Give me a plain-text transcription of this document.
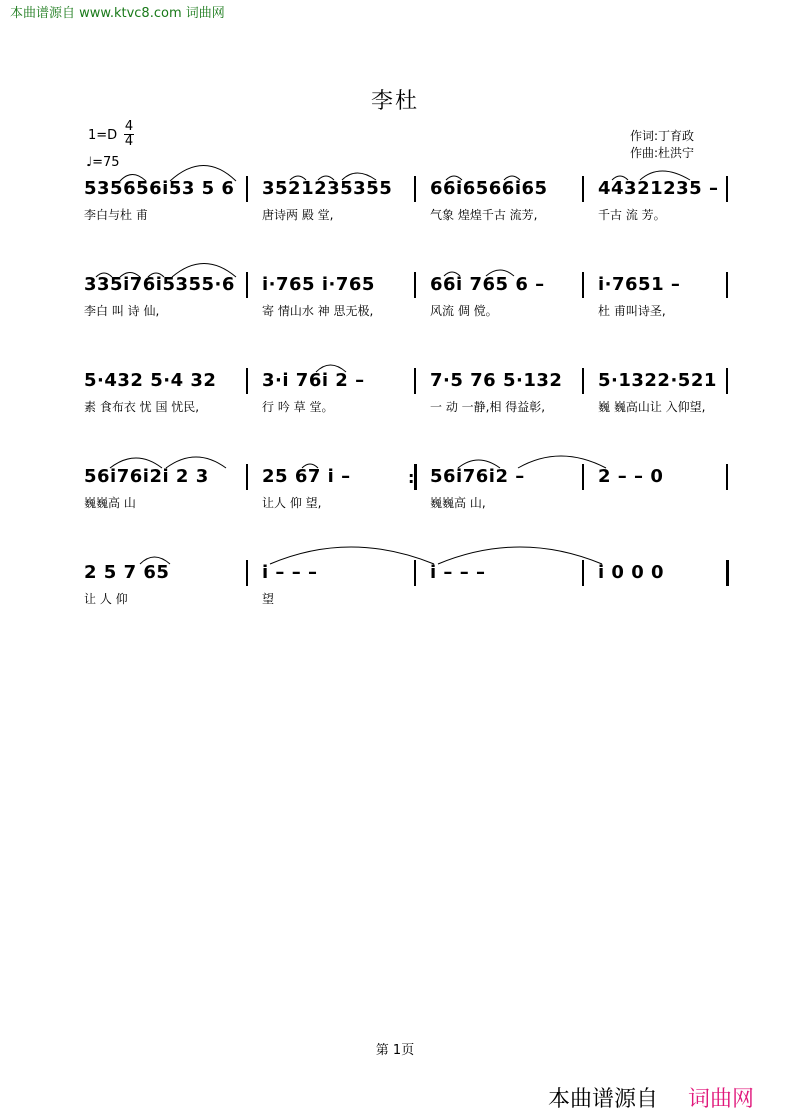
本曲谱源自 www.ktvc8.com 词曲网
李杜
$1=D \frac{4}{4}$
♩=75
作词:丁育政
作曲:杜洪宁
535656i53 5 6
李白与杜 甫
3521235355
唐诗两 殿 堂,
66i6566i65
气象 煌煌千古 流芳,
44321235 –
千古 流 芳。
335i76i5355·6
李白 叫 诗 仙,
i·765 i·765
寄 情山水 神 思无极,
66i 765 6 –
风流 倜 傥。
i·7651 –
杜 甫叫诗圣,
5·432 5·4 32
素 食布衣 忧 国 忧民,
3·i 76i 2 –
行 吟 草 堂。
7·5 76 5·132
一 动 一静,相 得益彰,
5·1322·521
巍 巍高山让 入仰望,
56i76i2i 2 3
巍巍高 山
25 67 i –
让人 仰 望,
56i76i2 –
巍巍高 山,
2 – – 0
2 5 7 65
让 人 仰
i – – –
望
i – – –	i 0 0 0
:
第 1页
本曲谱源自 词曲网
